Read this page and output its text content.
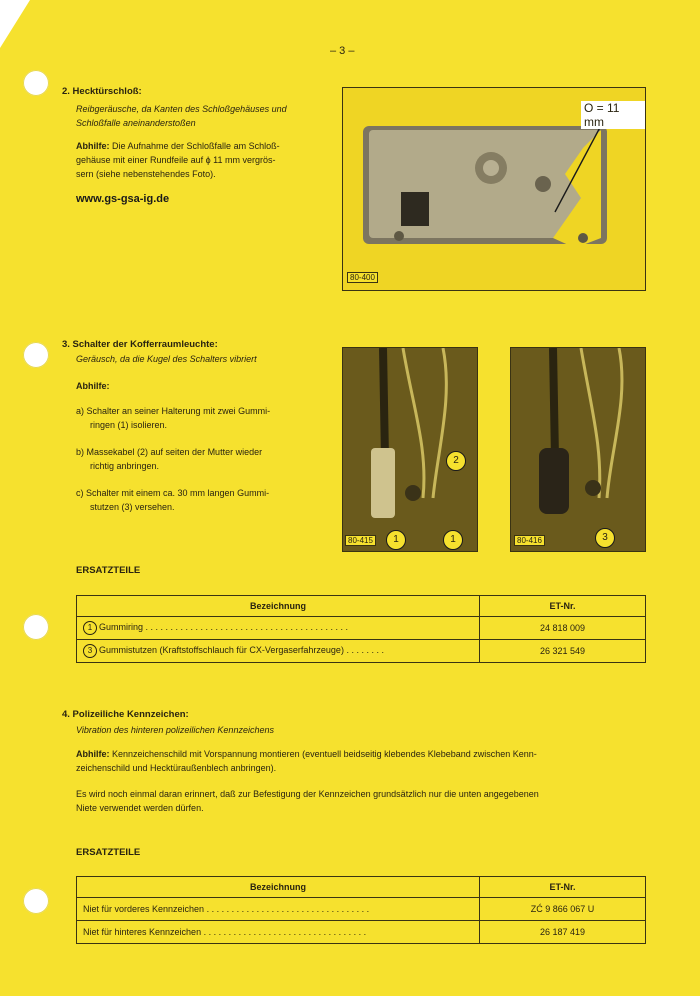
– 3 –
2. Hecktürschloß:
Reibgeräusche, da Kanten des Schloßgehäuses und
Schloßfalle aneinanderstoßen
Abhilfe: Die Aufnahme der Schloßfalle am Schloß-
gehäuse mit einer Rundfeile auf ϕ 11 mm vergrös-
sern (siehe nebenstehendes Foto).
www.gs-gsa-ig.de
O = 11 mm
80-400
3. Schalter der Kofferraumleuchte:
Geräusch, da die Kugel des Schalters vibriert
Abhilfe:
a) Schalter an seiner Halterung mit zwei Gummi-
ringen (1) isolieren.
b) Massekabel (2) auf seiten der Mutter wieder
richtig anbringen.
c) Schalter mit einem ca. 30 mm langen Gummi-
stutzen (3) versehen.
2
1	1
80-415	3
80-416
ERSATZTEILE
Bezeichnung	ET-Nr.
1 Gummiring . . . . . . . . . . . . . . . . . . . . . . . . . . . . . . . . . . . . . . . . .	24 818 009
3 Gummistutzen (Kraftstoffschlauch für CX-Vergaserfahrzeuge) . . . . . . . .	26 321 549
4. Polizeiliche Kennzeichen:
Vibration des hinteren polizeilichen Kennzeichens
Abhilfe: Kennzeichenschild mit Vorspannung montieren (eventuell beidseitig klebendes Klebeband zwischen Kenn-
zeichenschild und Hecktüraußenblech anbringen).
Es wird noch einmal daran erinnert, daß zur Befestigung der Kennzeichen grundsätzlich nur die unten angegebenen
Niete verwendet werden dürfen.
ERSATZTEILE
Bezeichnung	ET-Nr.
Niet für vorderes Kennzeichen . . . . . . . . . . . . . . . . . . . . . . . . . . . . . . . . .	ZĆ 9 866 067 U
Niet für hinteres Kennzeichen . . . . . . . . . . . . . . . . . . . . . . . . . . . . . . . . .	26 187 419
